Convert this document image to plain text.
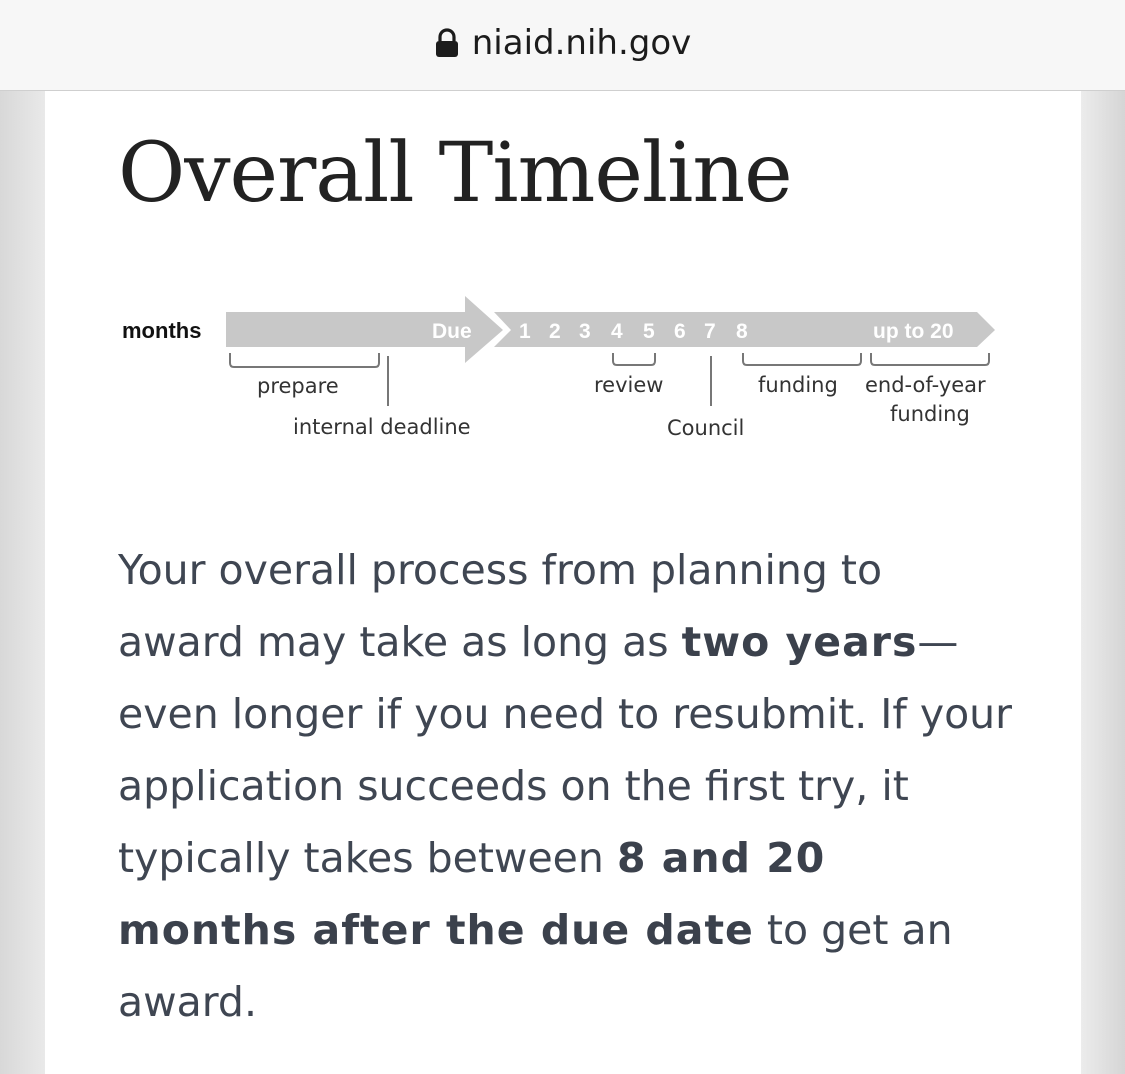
niaid.nih.gov
Overall Timeline
months	Due 1 2 3 4 5 6 7 8	up to 20
prepare
internal deadline
review
Council
funding end-of-year
funding

Your overall process from planning to award may take as long as two years— even longer if you need to resubmit. If your application succeeds on the first try, it typically takes between 8 and 20 months after the due date to get an award.
